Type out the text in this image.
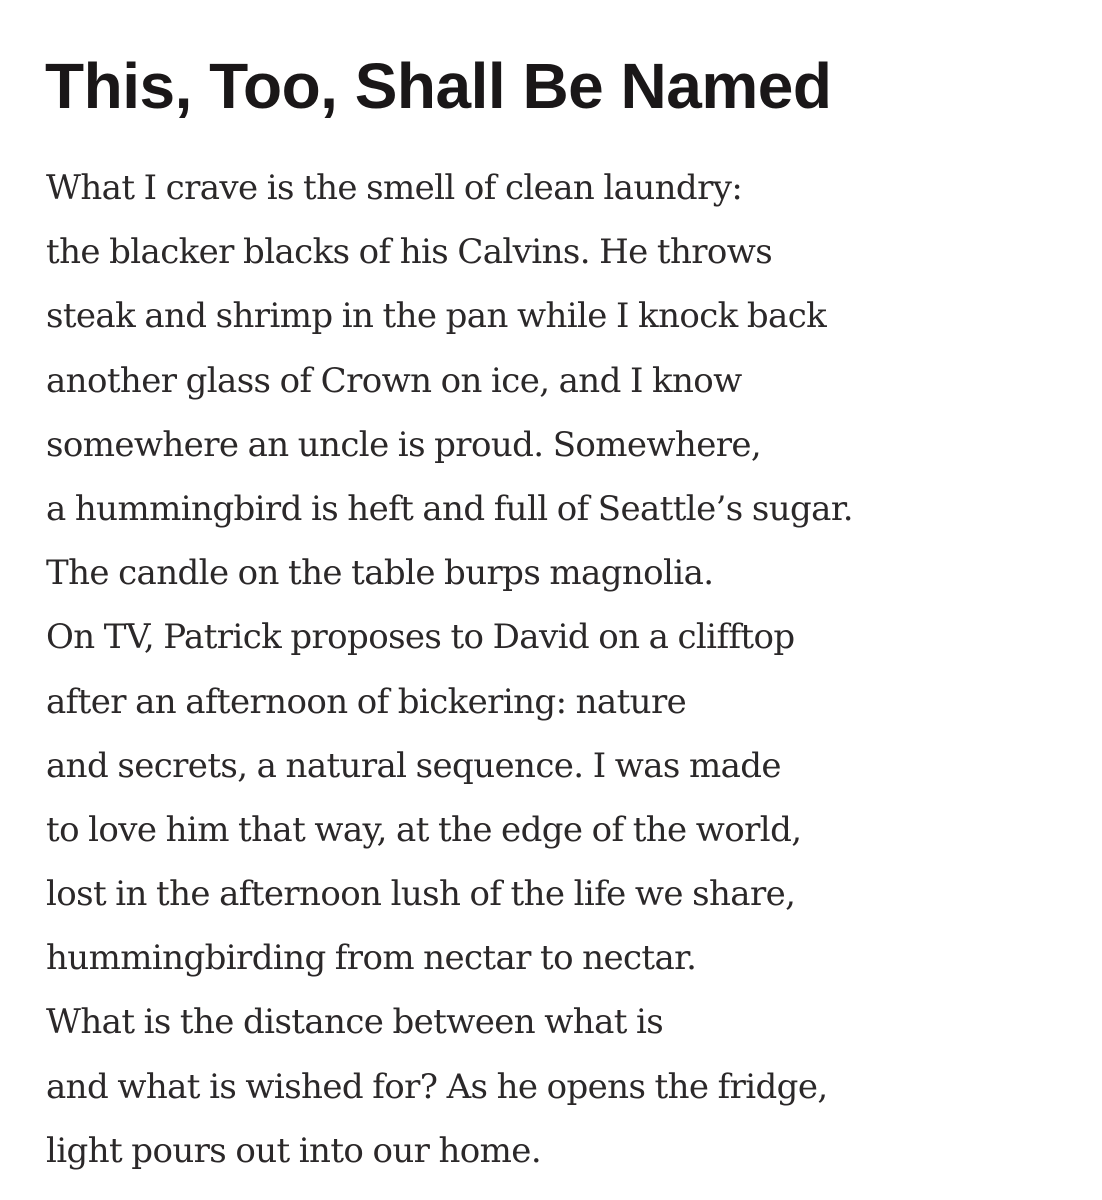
This, Too, Shall Be Named
What I crave is the smell of clean laundry:
the blacker blacks of his Calvins. He throws
steak and shrimp in the pan while I knock back
another glass of Crown on ice, and I know
somewhere an uncle is proud. Somewhere,
a hummingbird is heft and full of Seattle’s sugar.
The candle on the table burps magnolia.
On TV, Patrick proposes to David on a clifftop
after an afternoon of bickering: nature
and secrets, a natural sequence. I was made
to love him that way, at the edge of the world,
lost in the afternoon lush of the life we share,
hummingbirding from nectar to nectar.
What is the distance between what is
and what is wished for? As he opens the fridge,
light pours out into our home.
